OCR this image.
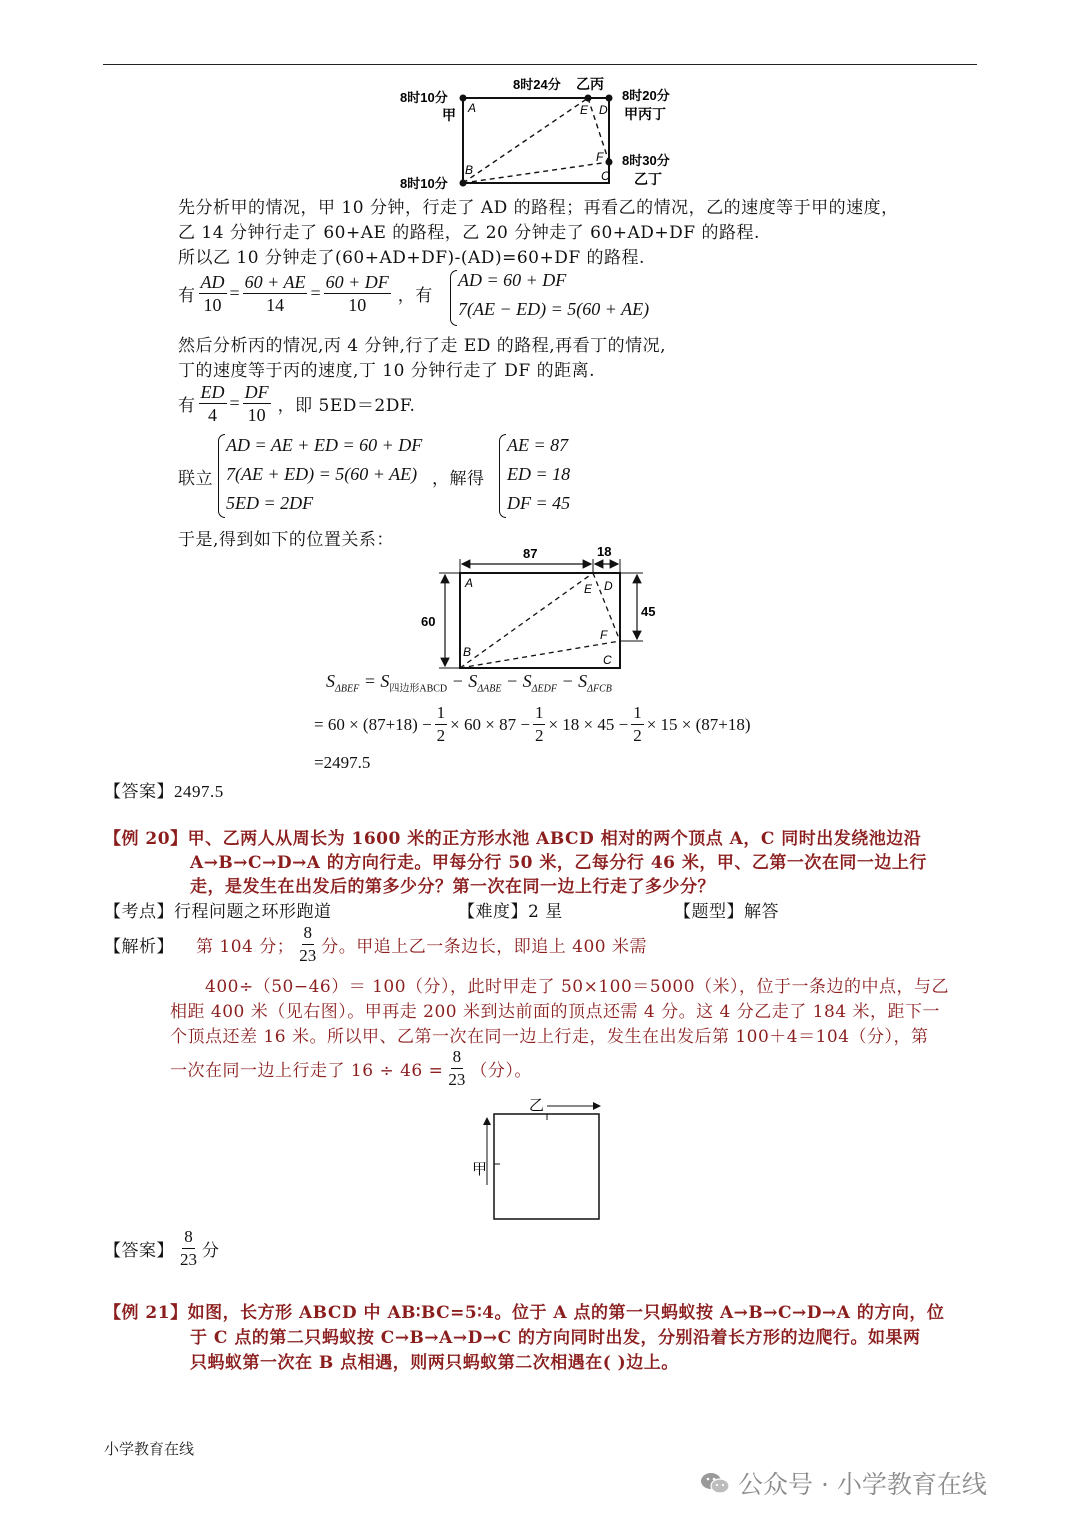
8时24分 乙丙
8时10分
甲
8时10分
8时20分
甲丙丁
8时30分
乙丁
A
B	C
D
E
F
先分析甲的情况，甲 10 分钟，行走了 AD 的路程；再看乙的情况，乙的速度等于甲的速度，
乙 14 分钟行走了 60+AE 的路程，乙 20 分钟走了 60+AD+DF 的路程.
所以乙 10 分钟走了(60+AD+DF)-(AD)=60+DF 的路程.
有 $\frac{AD}{10} = \frac{60 + AE}{14} = \frac{60 + DF}{10}$ ，有
AD = 60 + DF
7(AE − ED) = 5(60 + AE)
然后分析丙的情况,丙 4 分钟,行了走 ED 的路程,再看丁的情况,
丁的速度等于丙的速度,丁 10 分钟行走了 DF 的距离.
有 $\frac{ED}{4} = \frac{DF}{10}$ ，即 5ED＝2DF.
联立
AD = AE + ED = 60 + DF
7(AE + ED) = 5(60 + AE)
5ED = 2DF
，解得
AE = 87
ED = 18
DF = 45
于是,得到如下的位置关系：
87	18
60
45
A
B
C
D
E
F
$S_{\Delta BEF} = S_{四边形ABCD} - S_{\Delta ABE} - S_{\Delta EDF} - S_{\Delta FCB}$
= $60 \times (87+18) - \frac{1}{2} \times 60 \times 87 - \frac{1}{2} \times 18 \times 45 - \frac{1}{2} \times 15 \times (87+18)$
=2497.5
【答案】2497.5
【例 20】甲、乙两人从周长为 1600 米的正方形水池 ABCD 相对的两个顶点 A，C 同时出发绕池边沿
A→B→C→D→A 的方向行走。甲每分行 50 米，乙每分行 46 米，甲、乙第一次在同一边上行
走，是发生在出发后的第多少分？第一次在同一边上行走了多少分？
【考点】行程问题之环形跑道	【难度】2 星	【题型】解答
【解析】 第 104 分； $\frac{8}{23}$ 分。甲追上乙一条边长，即追上 400 米需
400÷（50−46）＝ 100（分），此时甲走了 50×100＝5000（米），位于一条边的中点，与乙
相距 400 米（见右图）。甲再走 200 米到达前面的顶点还需 4 分。这 4 分乙走了 184 米，距下一
个顶点还差 16 米。所以甲、乙第一次在同一边上行走，发生在出发后第 100＋4＝104（分），第
一次在同一边上行走了 $16 \div 46 = \frac{8}{23}$ （分）。
乙
甲
【答案】 $\frac{8}{23}$ 分
【例 21】如图，长方形 ABCD 中 AB∶BC=5∶4。位于 A 点的第一只蚂蚁按 A→B→C→D→A 的方向，位
于 C 点的第二只蚂蚁按 C→B→A→D→C 的方向同时出发，分别沿着长方形的边爬行。如果两
只蚂蚁第一次在 B 点相遇，则两只蚂蚁第二次相遇在( )边上。
小学教育在线
公众号 · 小学教育在线
